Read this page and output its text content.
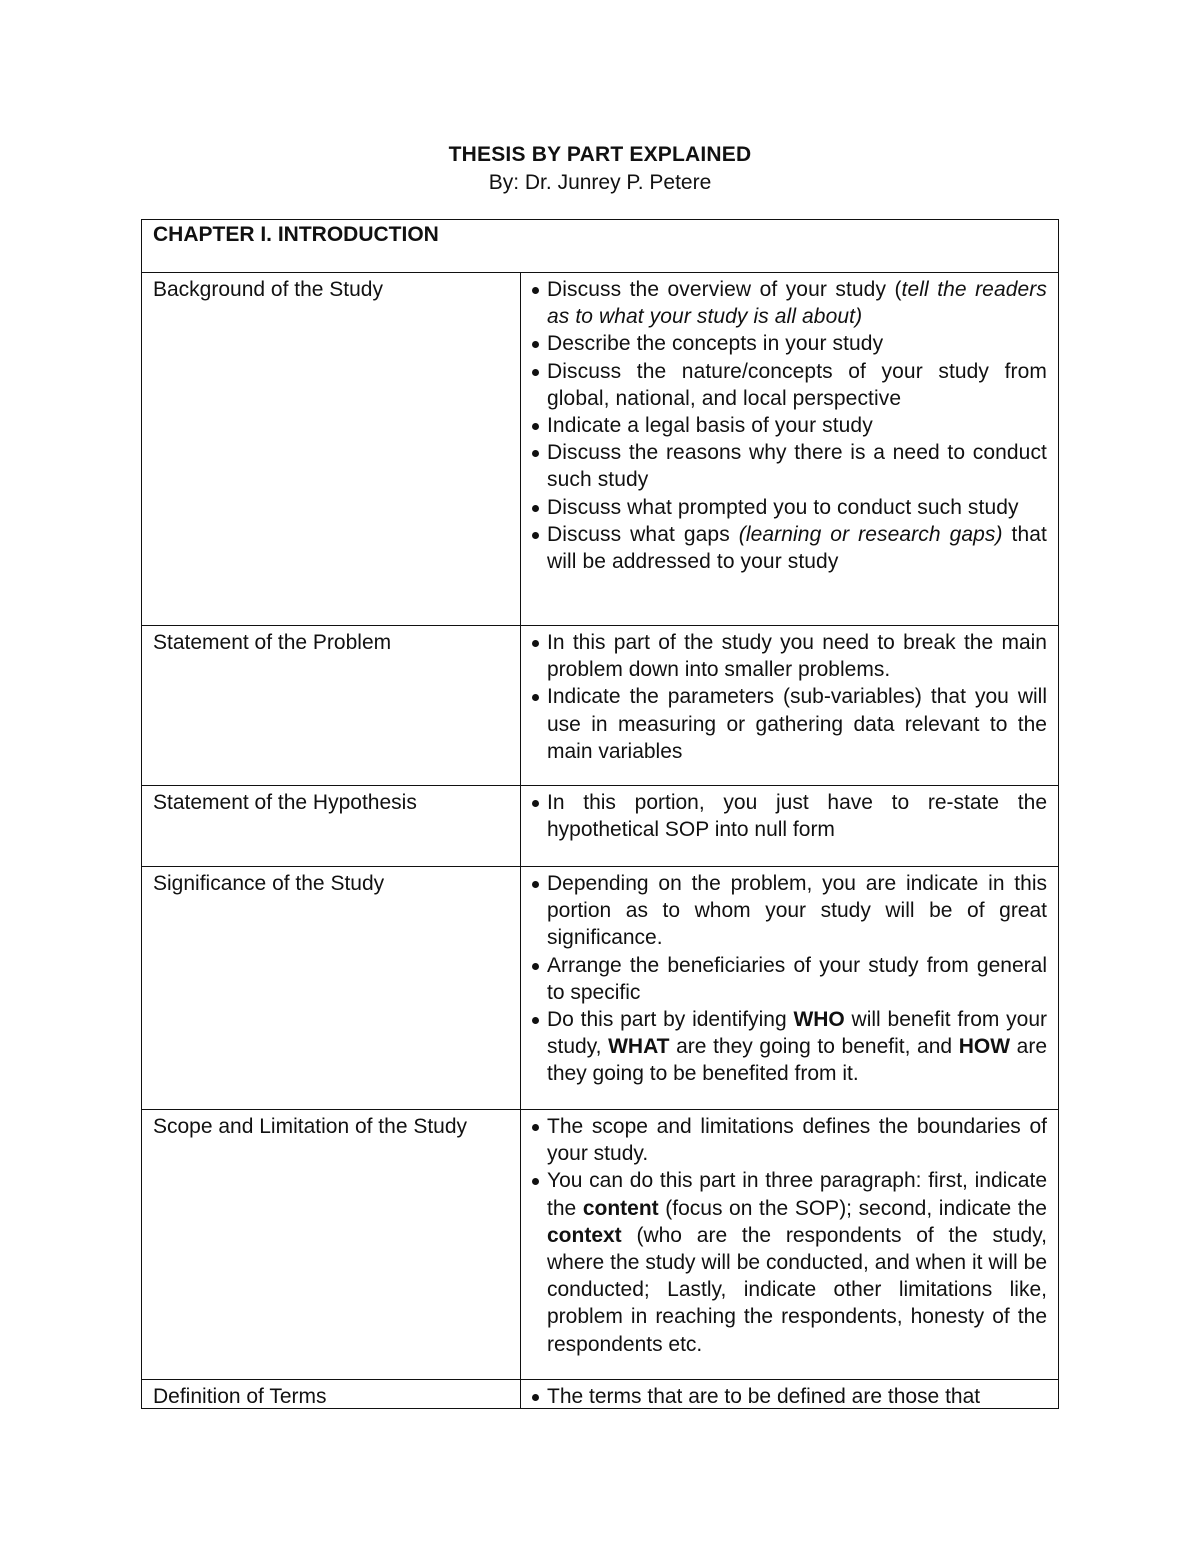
THESIS BY PART EXPLAINED
By: Dr. Junrey P. Petere
CHAPTER I. INTRODUCTION
Background of the Study	Discuss the overview of your study (tell the readers as to what your study is all about)
Describe the concepts in your study
Discuss the nature/concepts of your study from global, national, and local perspective
Indicate a legal basis of your study
Discuss the reasons why there is a need to conduct such study
Discuss what prompted you to conduct such study
Discuss what gaps (learning or research gaps) that will be addressed to your study
Statement of the Problem	In this part of the study you need to break the main problem down into smaller problems.
Indicate the parameters (sub-variables) that you will use in measuring or gathering data relevant to the main variables
Statement of the Hypothesis	In this portion, you just have to re-state the hypothetical SOP into null form
Significance of the Study	Depending on the problem, you are indicate in this portion as to whom your study will be of great significance.
Arrange the beneficiaries of your study from general to specific
Do this part by identifying WHO will benefit from your study, WHAT are they going to benefit, and HOW are they going to be benefited from it.
Scope and Limitation of the Study	The scope and limitations defines the boundaries of your study.
You can do this part in three paragraph: first, indicate the content (focus on the SOP); second, indicate the context (who are the respondents of the study, where the study will be conducted, and when it will be conducted; Lastly, indicate other limitations like, problem in reaching the respondents, honesty of the respondents etc.
Definition of Terms	The terms that are to be defined are those that
